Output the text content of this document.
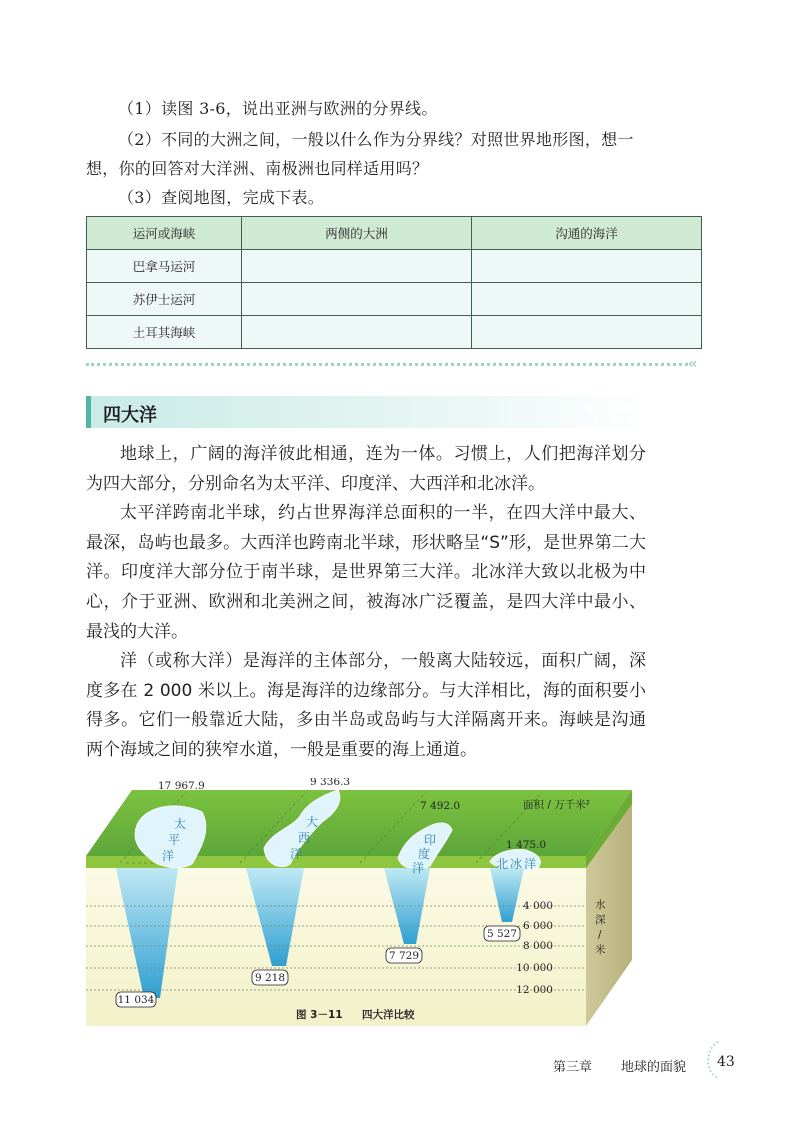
（1）读图 3-6，说出亚洲与欧洲的分界线。
（2）不同的大洲之间，一般以什么作为分界线？对照世界地形图，想一
想，你的回答对大洋洲、南极洲也同样适用吗？
（3）查阅地图，完成下表。
运河或海峡	两侧的大洲	沟通的海洋
巴拿马运河		
苏伊士运河		
土耳其海峡		
‹‹
四大洋

地球上，广阔的海洋彼此相通，连为一体。习惯上，人们把海洋划分为四大部分，分别命名为太平洋、印度洋、大西洋和北冰洋。

太平洋跨南北半球，约占世界海洋总面积的一半，在四大洋中最大、最深，岛屿也最多。大西洋也跨南北半球，形状略呈“S”形，是世界第二大洋。印度洋大部分位于南半球，是世界第三大洋。北冰洋大致以北极为中心，介于亚洲、欧洲和北美洲之间，被海冰广泛覆盖，是四大洋中最小、最浅的大洋。

洋（或称大洋）是海洋的主体部分，一般离大陆较远，面积广阔，深度多在 2 000 米以上。海是海洋的边缘部分。与大洋相比，海的面积要小得多。它们一般靠近大陆，多由半岛或岛屿与大洋隔离开来。海峡是沟通两个海域之间的狭窄水道，一般是重要的海上通道。

4 000
6 000
8 000
10 000
12 000
水深/米
17 967.9	9 336.3
7 492.0
1 475.0
面积 / 万千米²
太
平
洋
大
西
洋
印
度
洋	北 冰 洋
11 034
9 218
7 729
5 527
图 3－11 四大洋比较
第三章 地球的面貌 43
